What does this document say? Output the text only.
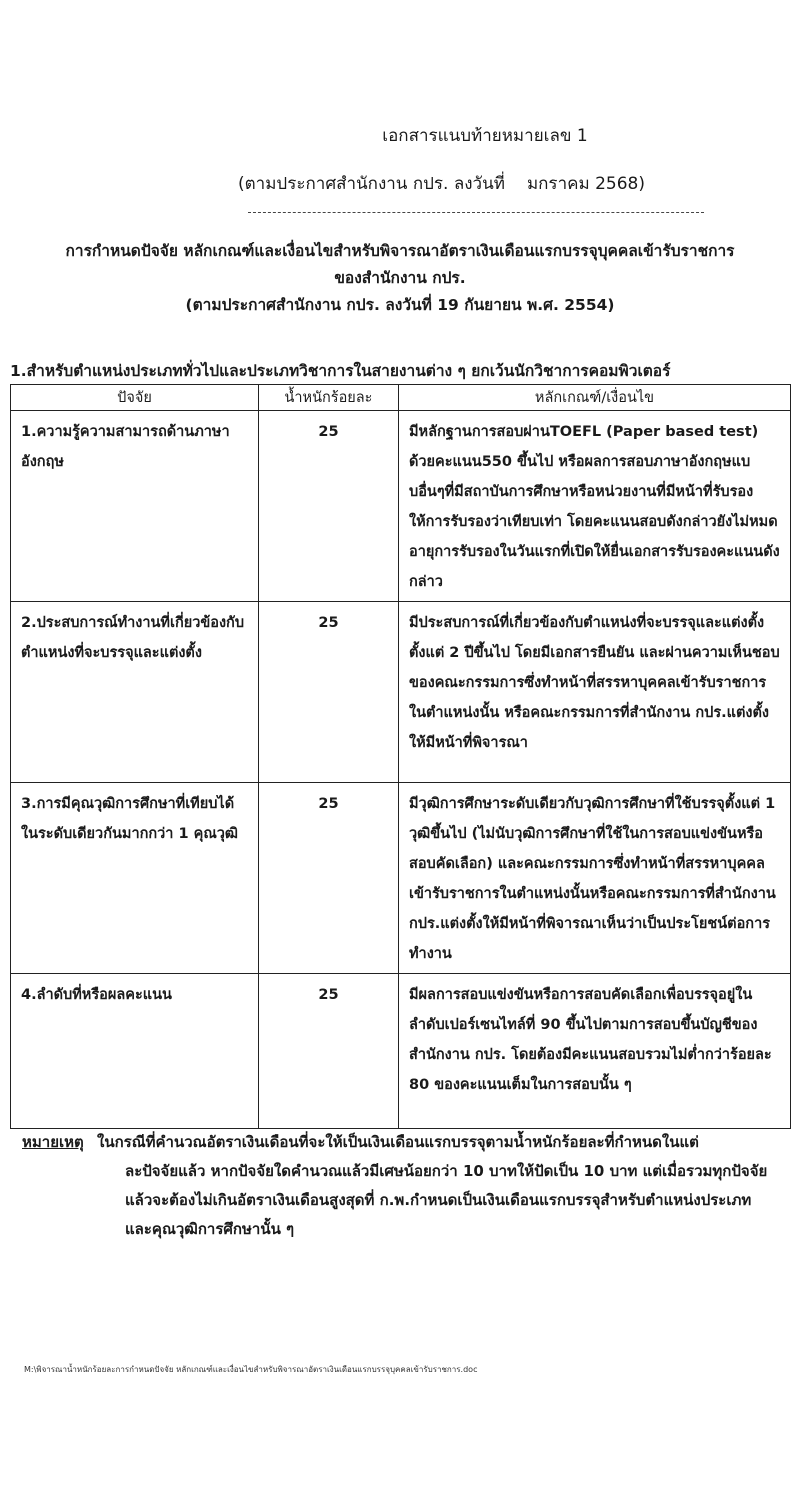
เอกสารแนบท้ายหมายเลข 1
(ตามประกาศสำนักงาน กปร. ลงวันที่ มกราคม 2568)
การกำหนดปัจจัย หลักเกณฑ์และเงื่อนไขสำหรับพิจารณาอัตราเงินเดือนแรกบรรจุบุคคลเข้ารับราชการ
ของสำนักงาน กปร.
(ตามประกาศสำนักงาน กปร. ลงวันที่ 19 กันยายน พ.ศ. 2554)
1.สำหรับตำแหน่งประเภททั่วไปและประเภทวิชาการในสายงานต่าง ๆ ยกเว้นนักวิชาการคอมพิวเตอร์
ปัจจัย	น้ำหนักร้อยละ	หลักเกณฑ์/เงื่อนไข
1.ความรู้ความสามารถด้านภาษาอังกฤษ	25	มีหลักฐานการสอบผ่านTOEFL (Paper based test) ด้วยคะแนน550 ขึ้นไป หรือผลการสอบภาษาอังกฤษแบบอื่นๆที่มีสถาบันการศึกษาหรือหน่วยงานที่มีหน้าที่รับรองให้การรับรองว่าเทียบเท่า โดยคะแนนสอบดังกล่าวยังไม่หมดอายุการรับรองในวันแรกที่เปิดให้ยื่นเอกสารรับรองคะแนนดังกล่าว
2.ประสบการณ์ทำงานที่เกี่ยวข้องกับตำแหน่งที่จะบรรจุและแต่งตั้ง	25	มีประสบการณ์ที่เกี่ยวข้องกับตำแหน่งที่จะบรรจุและแต่งตั้ง ตั้งแต่ 2 ปีขึ้นไป โดยมีเอกสารยืนยัน และผ่านความเห็นชอบของคณะกรรมการซึ่งทำหน้าที่สรรหาบุคคลเข้ารับราชการในตำแหน่งนั้น หรือคณะกรรมการที่สำนักงาน กปร.แต่งตั้งให้มีหน้าที่พิจารณา
3.การมีคุณวุฒิการศึกษาที่เทียบได้ในระดับเดียวกันมากกว่า 1 คุณวุฒิ	25	มีวุฒิการศึกษาระดับเดียวกับวุฒิการศึกษาที่ใช้บรรจุตั้งแต่ 1 วุฒิขึ้นไป (ไม่นับวุฒิการศึกษาที่ใช้ในการสอบแข่งขันหรือสอบคัดเลือก) และคณะกรรมการซึ่งทำหน้าที่สรรหาบุคคลเข้ารับราชการในตำแหน่งนั้นหรือคณะกรรมการที่สำนักงาน กปร.แต่งตั้งให้มีหน้าที่พิจารณาเห็นว่าเป็นประโยชน์ต่อการทำงาน
4.ลำดับที่หรือผลคะแนน	25	มีผลการสอบแข่งขันหรือการสอบคัดเลือกเพื่อบรรจุอยู่ในลำดับเปอร์เซนไทล์ที่ 90 ขึ้นไปตามการสอบขึ้นบัญชีของสำนักงาน กปร. โดยต้องมีคะแนนสอบรวมไม่ต่ำกว่าร้อยละ 80 ของคะแนนเต็มในการสอบนั้น ๆ
หมายเหตุ ในกรณีที่คำนวณอัตราเงินเดือนที่จะให้เป็นเงินเดือนแรกบรรจุตามน้ำหนักร้อยละที่กำหนดในแต่
ละปัจจัยแล้ว หากปัจจัยใดคำนวณแล้วมีเศษน้อยกว่า 10 บาทให้ปัดเป็น 10 บาท แต่เมื่อรวมทุกปัจจัยแล้วจะต้องไม่เกินอัตราเงินเดือนสูงสุดที่ ก.พ.กำหนดเป็นเงินเดือนแรกบรรจุสำหรับตำแหน่งประเภท และคุณวุฒิการศึกษานั้น ๆ
M:\พิจารณาน้ำหนักร้อยละการกำหนดปัจจัย หลักเกณฑ์และเงื่อนไขสำหรับพิจารณาอัตราเงินเดือนแรกบรรจุบุคคลเข้ารับราชการ.doc
